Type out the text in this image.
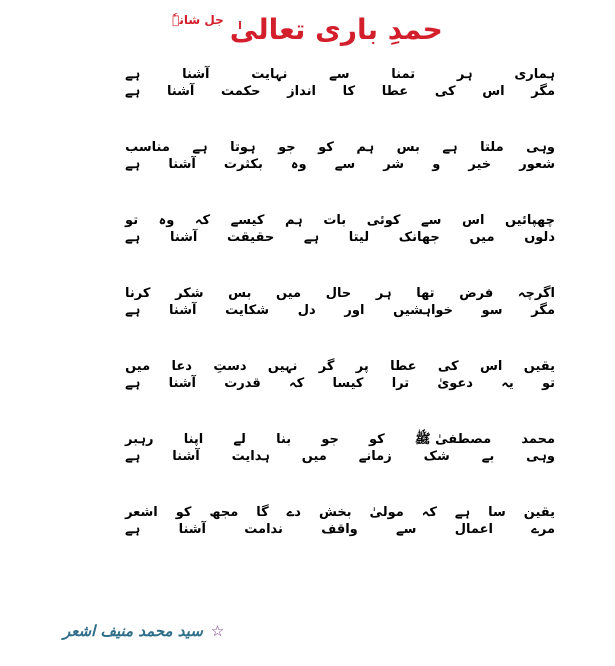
حمدِ باری تعالیٰ
جل شانہٗ
ہماری
ہر
تمنا
سے
نہایت
آشنا
ہے
مگر
اس
کی
عطا
کا
انداز
حکمت
آشنا
ہے
وہی
ملتا
ہے
بس
ہم
کو
جو
ہوتا
ہے
مناسب
شعور
خیر
و
شر
سے
وہ
بکثرت
آشنا
ہے
چھپائیں
اس
سے
کوئی
بات
ہم
کیسے
کہ
وہ
تو
دلوں
میں
جھانک
لیتا
ہے
حقیقت
آشنا
ہے
اگرچہ
فرض
تھا
ہر
حال
میں
بس
شکر
کرنا
مگر
سو
خواہشیں
اور
دل
شکایت
آشنا
ہے
یقیں
اس
کی
عطا
پر
گر
نہیں
دستِ
دعا
میں
تو
یہ
دعویٰ
ترا
کیسا
کہ
قدرت
آشنا
ہے
محمد
مصطفیٰ ﷺ
کو
جو
بنا
لے
اپنا
رہبر
وہی
بے
شک
زمانے
میں
ہدایت
آشنا
ہے
یقین
سا
ہے
کہ
مولیٰ
بخش
دے
گا
مجھ
کو
اشعر
مرے
اعمال
سے
واقف
ندامت
آشنا
ہے
☆
سید محمد منیف اشعر
